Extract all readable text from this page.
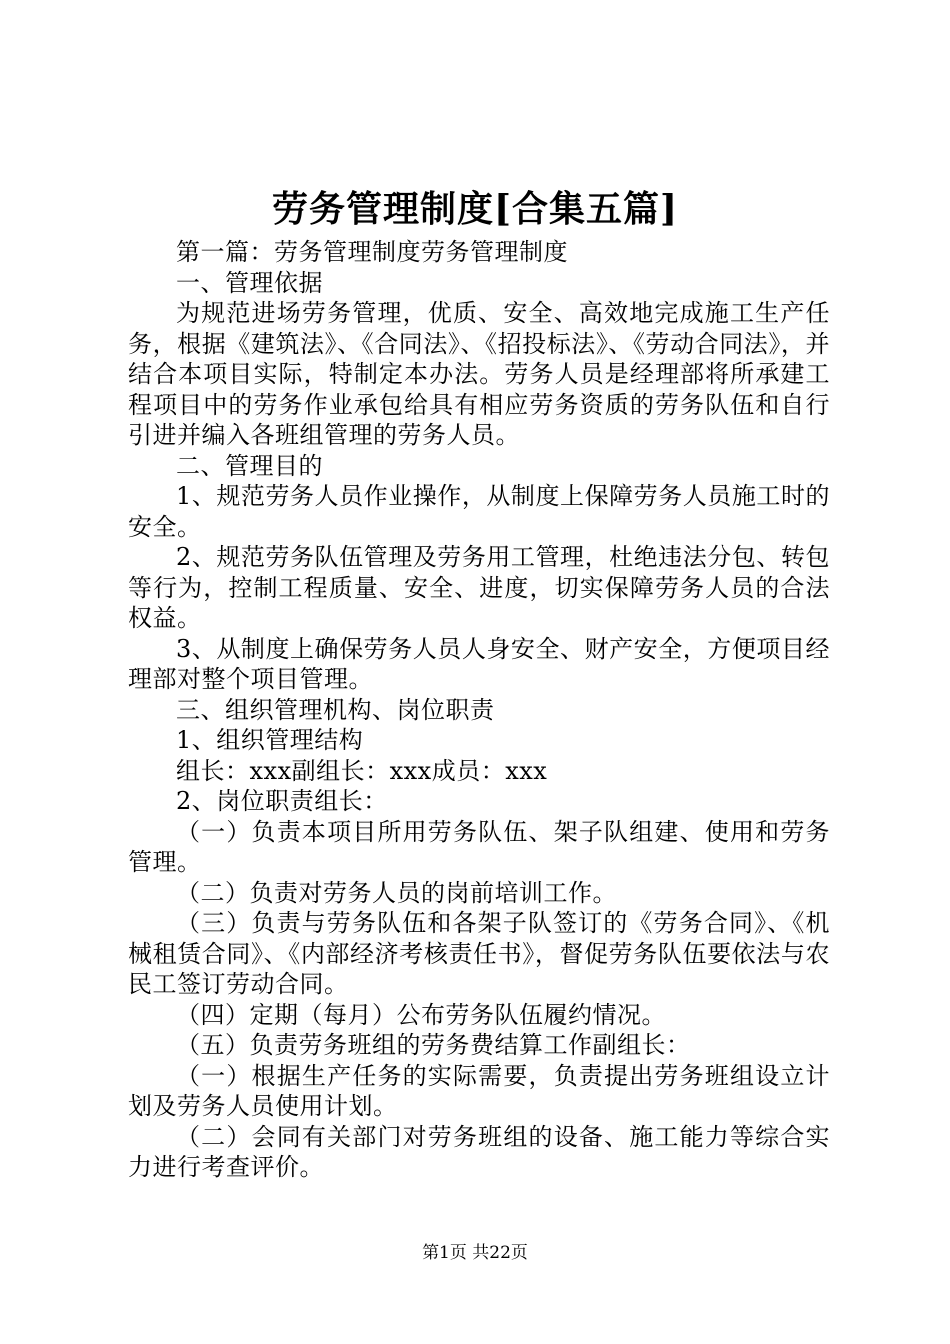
劳务管理制度[合集五篇]

第一篇：劳务管理制度劳务管理制度

一、管理依据

为规范进场劳务管理，优质、安全、高效地完成施工生产任务，根据《建筑法》、《合同法》、《招投标法》、《劳动合同法》，并结合本项目实际，特制定本办法。劳务人员是经理部将所承建工程项目中的劳务作业承包给具有相应劳务资质的劳务队伍和自行引进并编入各班组管理的劳务人员。

二、管理目的

1、规范劳务人员作业操作，从制度上保障劳务人员施工时的安全。

2、规范劳务队伍管理及劳务用工管理，杜绝违法分包、转包等行为，控制工程质量、安全、进度，切实保障劳务人员的合法权益。

3、从制度上确保劳务人员人身安全、财产安全，方便项目经理部对整个项目管理。

三、组织管理机构、岗位职责

1、组织管理结构

组长：xxx副组长：xxx成员：xxx

2、岗位职责组长：

（一）负责本项目所用劳务队伍、架子队组建、使用和劳务管理。

（二）负责对劳务人员的岗前培训工作。

（三）负责与劳务队伍和各架子队签订的《劳务合同》、《机械租赁合同》、《内部经济考核责任书》，督促劳务队伍要依法与农民工签订劳动合同。

（四）定期（每月）公布劳务队伍履约情况。

（五）负责劳务班组的劳务费结算工作副组长：

（一）根据生产任务的实际需要，负责提出劳务班组设立计划及劳务人员使用计划。

（二）会同有关部门对劳务班组的设备、施工能力等综合实力进行考查评价。

第1页 共22页
